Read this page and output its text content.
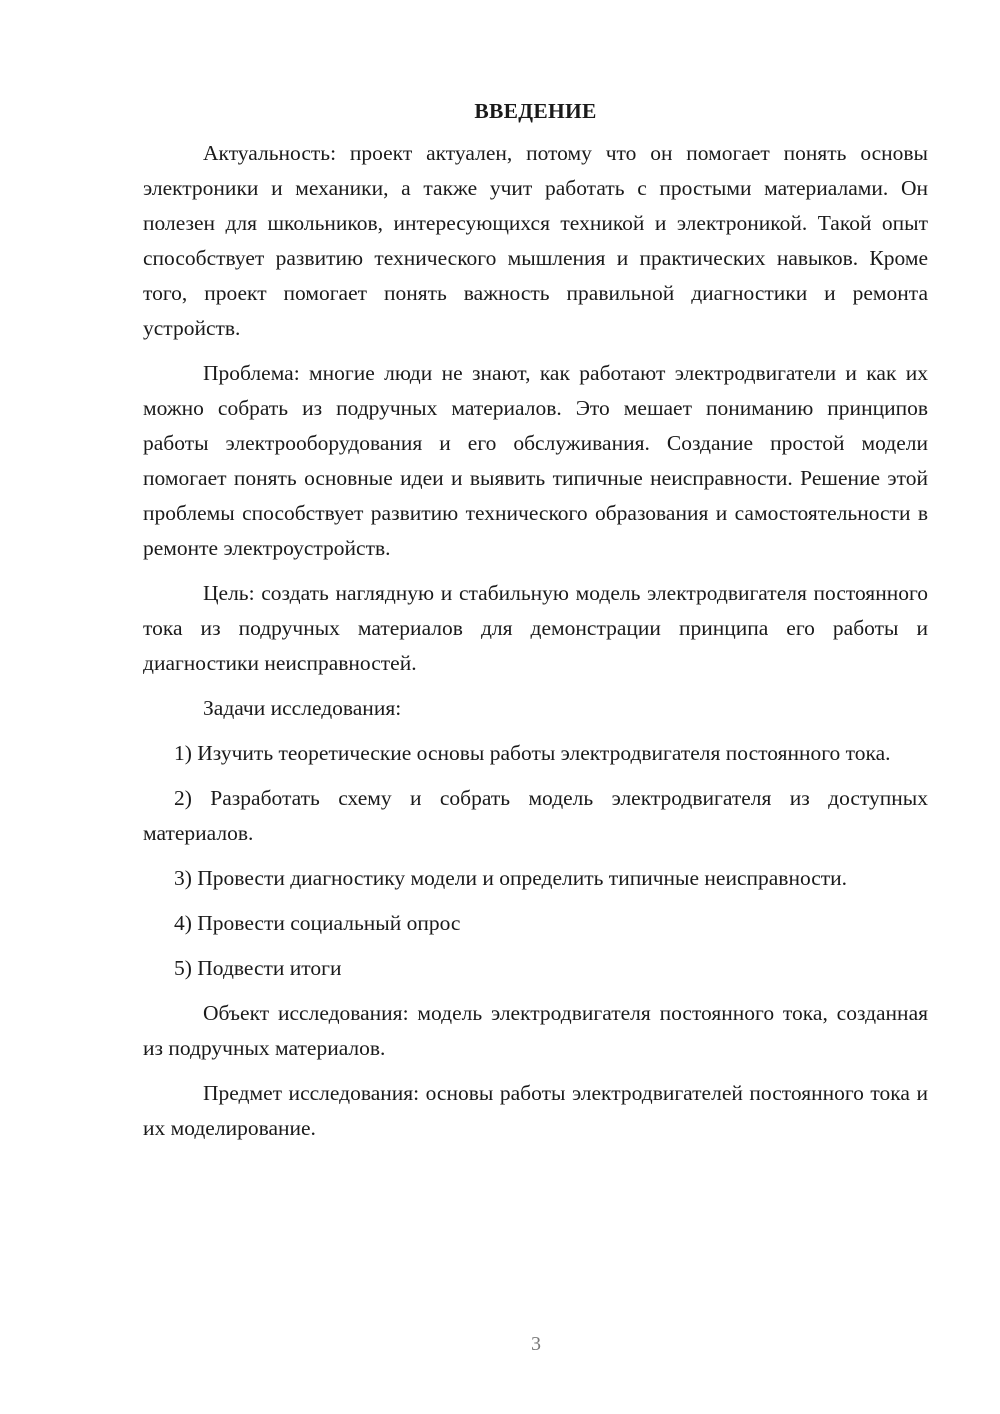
ВВЕДЕНИЕ

Актуальность: проект актуален, потому что он помогает понять основы электроники и механики, а также учит работать с простыми материалами. Он полезен для школьников, интересующихся техникой и электроникой. Такой опыт способствует развитию технического мышления и практических навыков. Кроме того, проект помогает понять важность правильной диагностики и ремонта устройств.

Проблема: многие люди не знают, как работают электродвигатели и как их можно собрать из подручных материалов. Это мешает пониманию принципов работы электрооборудования и его обслуживания. Создание простой модели помогает понять основные идеи и выявить типичные неисправности. Решение этой проблемы способствует развитию технического образования и самостоятельности в ремонте электроустройств.

Цель: создать наглядную и стабильную модель электродвигателя постоянного тока из подручных материалов для демонстрации принципа его работы и диагностики неисправностей.

Задачи исследования:

1) Изучить теоретические основы работы электродвигателя постоянного тока.

2) Разработать схему и собрать модель электродвигателя из доступных материалов.

3) Провести диагностику модели и определить типичные неисправности.

4) Провести социальный опрос

5) Подвести итоги

Объект исследования: модель электродвигателя постоянного тока, созданная из подручных материалов.

Предмет исследования: основы работы электродвигателей постоянного тока и их моделирование.

3
